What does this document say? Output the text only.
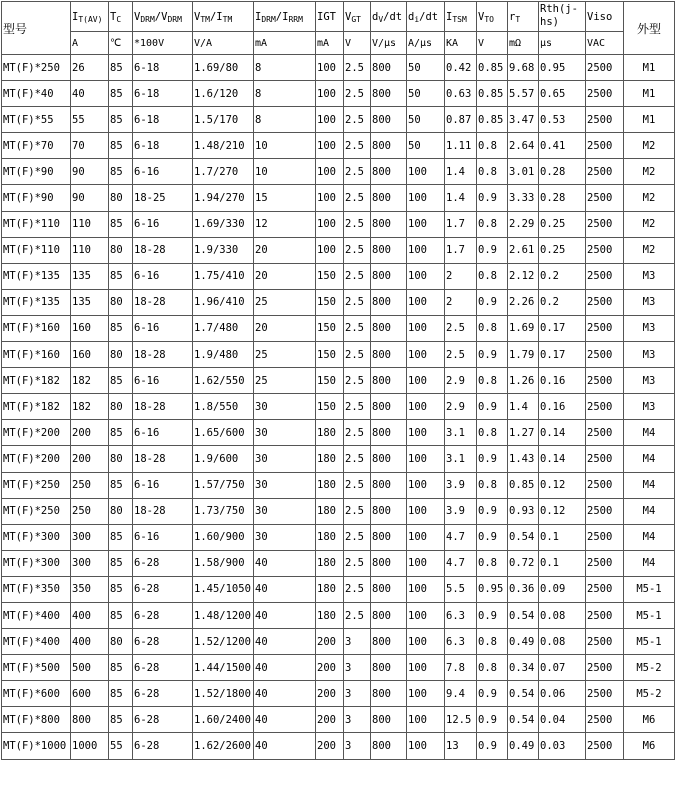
型号	$I_{T(AV)}$	$T_C$	$V_{DRM}/V_{DRM}$	$V_{TM}/I_{TM}$	$I_{DRM}/I_{RRM}$	IGT	$V_{GT}$	$d_V/dt$	$d_i/dt$	$I_{TSM}$	$V_{TO}$	$r_T$	Rth(j-hs)	Viso	外型
	A	℃	*100V	V/A	mA	mA	V	V/μs	A/μs	KA	V	mΩ	μs	VAC	
MT(F)*250	26	85	6-18	1.69/80	8	100	2.5	800	50	0.42	0.85	9.68	0.95	2500	M1
MT(F)*40	40	85	6-18	1.6/120	8	100	2.5	800	50	0.63	0.85	5.57	0.65	2500	M1
MT(F)*55	55	85	6-18	1.5/170	8	100	2.5	800	50	0.87	0.85	3.47	0.53	2500	M1
MT(F)*70	70	85	6-18	1.48/210	10	100	2.5	800	50	1.11	0.8	2.64	0.41	2500	M2
MT(F)*90	90	85	6-16	1.7/270	10	100	2.5	800	100	1.4	0.8	3.01	0.28	2500	M2
MT(F)*90	90	80	18-25	1.94/270	15	100	2.5	800	100	1.4	0.9	3.33	0.28	2500	M2
MT(F)*110	110	85	6-16	1.69/330	12	100	2.5	800	100	1.7	0.8	2.29	0.25	2500	M2
MT(F)*110	110	80	18-28	1.9/330	20	100	2.5	800	100	1.7	0.9	2.61	0.25	2500	M2
MT(F)*135	135	85	6-16	1.75/410	20	150	2.5	800	100	2	0.8	2.12	0.2	2500	M3
MT(F)*135	135	80	18-28	1.96/410	25	150	2.5	800	100	2	0.9	2.26	0.2	2500	M3
MT(F)*160	160	85	6-16	1.7/480	20	150	2.5	800	100	2.5	0.8	1.69	0.17	2500	M3
MT(F)*160	160	80	18-28	1.9/480	25	150	2.5	800	100	2.5	0.9	1.79	0.17	2500	M3
MT(F)*182	182	85	6-16	1.62/550	25	150	2.5	800	100	2.9	0.8	1.26	0.16	2500	M3
MT(F)*182	182	80	18-28	1.8/550	30	150	2.5	800	100	2.9	0.9	1.4	0.16	2500	M3
MT(F)*200	200	85	6-16	1.65/600	30	180	2.5	800	100	3.1	0.8	1.27	0.14	2500	M4
MT(F)*200	200	80	18-28	1.9/600	30	180	2.5	800	100	3.1	0.9	1.43	0.14	2500	M4
MT(F)*250	250	85	6-16	1.57/750	30	180	2.5	800	100	3.9	0.8	0.85	0.12	2500	M4
MT(F)*250	250	80	18-28	1.73/750	30	180	2.5	800	100	3.9	0.9	0.93	0.12	2500	M4
MT(F)*300	300	85	6-16	1.60/900	30	180	2.5	800	100	4.7	0.9	0.54	0.1	2500	M4
MT(F)*300	300	85	6-28	1.58/900	40	180	2.5	800	100	4.7	0.8	0.72	0.1	2500	M4
MT(F)*350	350	85	6-28	1.45/1050	40	180	2.5	800	100	5.5	0.95	0.36	0.09	2500	M5-1
MT(F)*400	400	85	6-28	1.48/1200	40	180	2.5	800	100	6.3	0.9	0.54	0.08	2500	M5-1
MT(F)*400	400	80	6-28	1.52/1200	40	200	3	800	100	6.3	0.8	0.49	0.08	2500	M5-1
MT(F)*500	500	85	6-28	1.44/1500	40	200	3	800	100	7.8	0.8	0.34	0.07	2500	M5-2
MT(F)*600	600	85	6-28	1.52/1800	40	200	3	800	100	9.4	0.9	0.54	0.06	2500	M5-2
MT(F)*800	800	85	6-28	1.60/2400	40	200	3	800	100	12.5	0.9	0.54	0.04	2500	M6
MT(F)*1000	1000	55	6-28	1.62/2600	40	200	3	800	100	13	0.9	0.49	0.03	2500	M6
